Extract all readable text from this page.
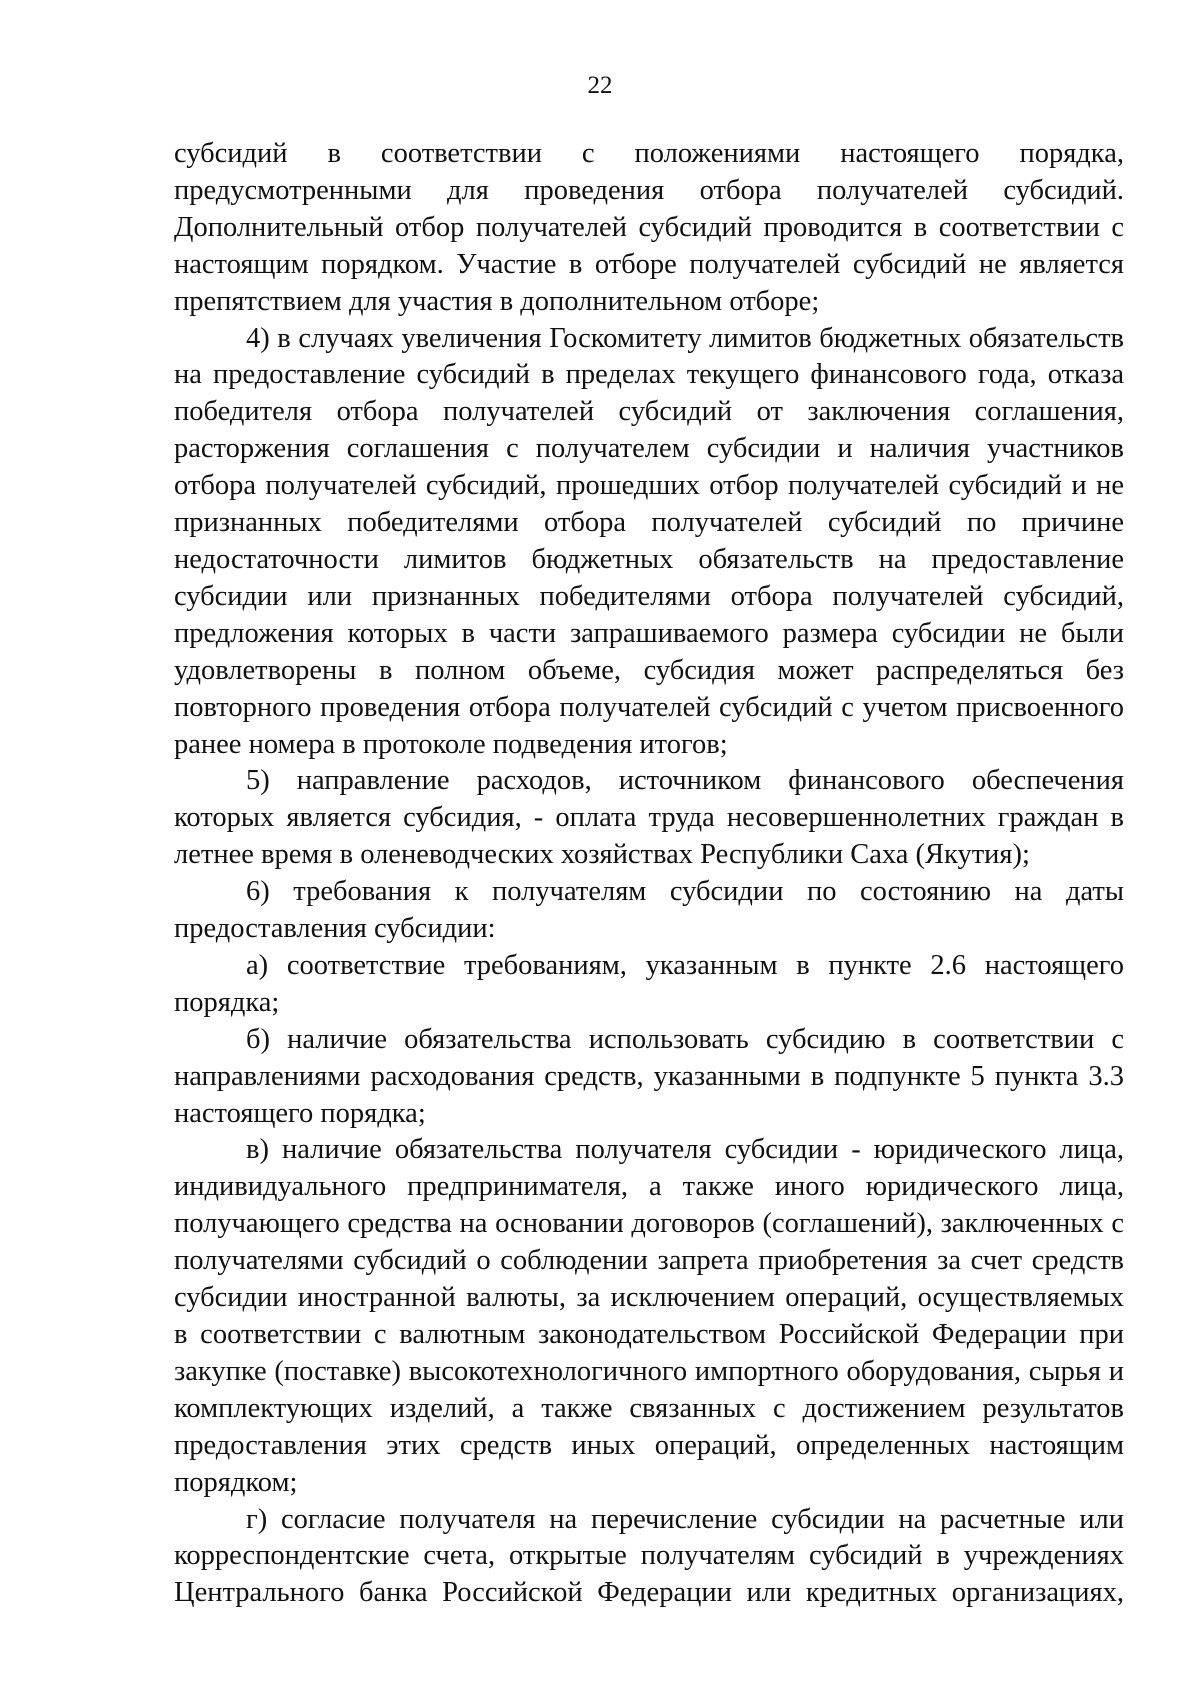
22

субсидий в соответствии с положениями настоящего порядка, предусмотренными для проведения отбора получателей субсидий. Дополнительный отбор получателей субсидий проводится в соответствии с настоящим порядком. Участие в отборе получателей субсидий не является препятствием для участия в дополнительном отборе;

4) в случаях увеличения Госкомитету лимитов бюджетных обязательств на предоставление субсидий в пределах текущего финансового года, отказа победителя отбора получателей субсидий от заключения соглашения, расторжения соглашения с получателем субсидии и наличия участников отбора получателей субсидий, прошедших отбор получателей субсидий и не признанных победителями отбора получателей субсидий по причине недостаточности лимитов бюджетных обязательств на предоставление субсидии или признанных победителями отбора получателей субсидий, предложения которых в части запрашиваемого размера субсидии не были удовлетворены в полном объеме, субсидия может распределяться без повторного проведения отбора получателей субсидий с учетом присвоенного ранее номера в протоколе подведения итогов;

5) направление расходов, источником финансового обеспечения которых является субсидия, - оплата труда несовершеннолетних граждан в летнее время в оленеводческих хозяйствах Республики Саха (Якутия);

6) требования к получателям субсидии по состоянию на даты предоставления субсидии:

а) соответствие требованиям, указанным в пункте 2.6 настоящего порядка;

б) наличие обязательства использовать субсидию в соответствии с направлениями расходования средств, указанными в подпункте 5 пункта 3.3 настоящего порядка;

в) наличие обязательства получателя субсидии - юридического лица, индивидуального предпринимателя, а также иного юридического лица, получающего средства на основании договоров (соглашений), заключенных с получателями субсидий о соблюдении запрета приобретения за счет средств субсидии иностранной валюты, за исключением операций, осуществляемых в соответствии с валютным законодательством Российской Федерации при закупке (поставке) высокотехнологичного импортного оборудования, сырья и комплектующих изделий, а также связанных с достижением результатов предоставления этих средств иных операций, определенных настоящим порядком;

г) согласие получателя на перечисление субсидии на расчетные или корреспондентские счета, открытые получателям субсидий в учреждениях Центрального банка Российской Федерации или кредитных организациях,
